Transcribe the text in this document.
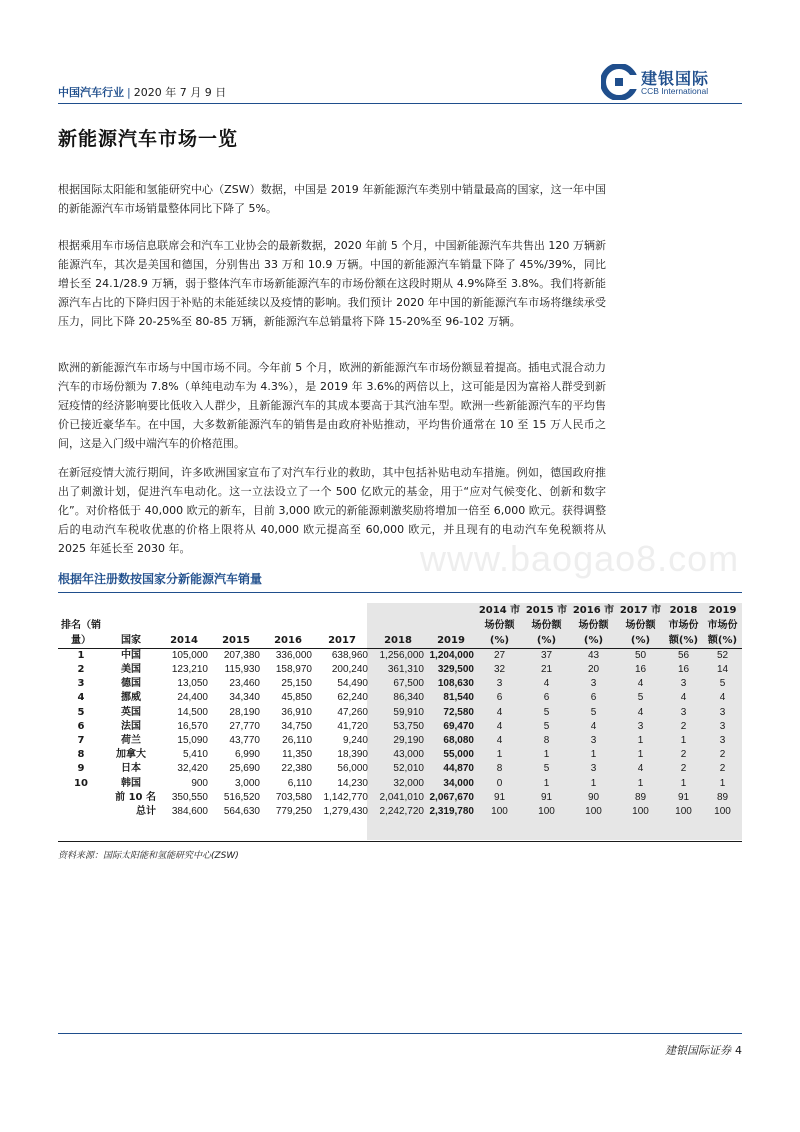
中国汽车行业 | 2020 年 7 月 9 日
建银国际
CCB International
新能源汽车市场一览

根据国际太阳能和氢能研究中心（ZSW）数据，中国是 2019 年新能源汽车类别中销量最高的国家，这一年中国的新能源汽车市场销量整体同比下降了 5%。

根据乘用车市场信息联席会和汽车工业协会的最新数据，2020 年前 5 个月，中国新能源汽车共售出 120 万辆新能源汽车，其次是美国和德国，分别售出 33 万和 10.9 万辆。中国的新能源汽车销量下降了 45%/39%，同比增长至 24.1/28.9 万辆，弱于整体汽车市场新能源汽车的市场份额在这段时期从 4.9%降至 3.8%。我们将新能源汽车占比的下降归因于补贴的未能延续以及疫情的影响。我们预计 2020 年中国的新能源汽车市场将继续承受压力，同比下降 20-25%至 80-85 万辆，新能源汽车总销量将下降 15-20%至 96-102 万辆。

欧洲的新能源汽车市场与中国市场不同。今年前 5 个月，欧洲的新能源汽车市场份额显着提高。插电式混合动力汽车的市场份额为 7.8%（单纯电动车为 4.3%），是 2019 年 3.6%的两倍以上，这可能是因为富裕人群受到新冠疫情的经济影响要比低收入人群少，且新能源汽车的其成本要高于其汽油车型。欧洲一些新能源汽车的平均售价已接近豪华车。在中国，大多数新能源汽车的销售是由政府补贴推动，平均售价通常在 10 至 15 万人民币之间，这是入门级中端汽车的价格范围。

在新冠疫情大流行期间，许多欧洲国家宣布了对汽车行业的救助，其中包括补贴电动车措施。例如，德国政府推出了刺激计划，促进汽车电动化。这一立法设立了一个 500 亿欧元的基金，用于“应对气候变化、创新和数字化”。对价格低于 40,000 欧元的新车，目前 3,000 欧元的新能源刺激奖励将增加一倍至 6,000 欧元。获得调整后的电动汽车税收优惠的价格上限将从 40,000 欧元提高至 60,000 欧元，并且现有的电动汽车免税额将从 2025 年延长至 2030 年。	www.baogao8.com
根据年注册数按国家分新能源汽车销量
排名（销量）	国家	2014	2015	2016	2017	2018	2019	2014 市场份额(%)	2015 市场份额(%)	2016 市场份额(%)	2017 市场份额(%)	2018 市场份额(%)	2019 市场份额(%)
1	中国	105,000	207,380	336,000	638,960	1,256,000	1,204,000	27	37	43	50	56	52
2	美国	123,210	115,930	158,970	200,240	361,310	329,500	32	21	20	16	16	14
3	德国	13,050	23,460	25,150	54,490	67,500	108,630	3	4	3	4	3	5
4	挪威	24,400	34,340	45,850	62,240	86,340	81,540	6	6	6	5	4	4
5	英国	14,500	28,190	36,910	47,260	59,910	72,580	4	5	5	4	3	3
6	法国	16,570	27,770	34,750	41,720	53,750	69,470	4	5	4	3	2	3
7	荷兰	15,090	43,770	26,110	9,240	29,190	68,080	4	8	3	1	1	3
8	加拿大	5,410	6,990	11,350	18,390	43,000	55,000	1	1	1	1	2	2
9	日本	32,420	25,690	22,380	56,000	52,010	44,870	8	5	3	4	2	2
10	韩国	900	3,000	6,110	14,230	32,000	34,000	0	1	1	1	1	1
	前 10 名	350,550	516,520	703,580	1,142,770	2,041,010	2,067,670	91	91	90	89	91	89
	总计	384,600	564,630	779,250	1,279,430	2,242,720	2,319,780	100	100	100	100	100	100
资料来源：国际太阳能和氢能研究中心(ZSW)
建银国际证券 4
